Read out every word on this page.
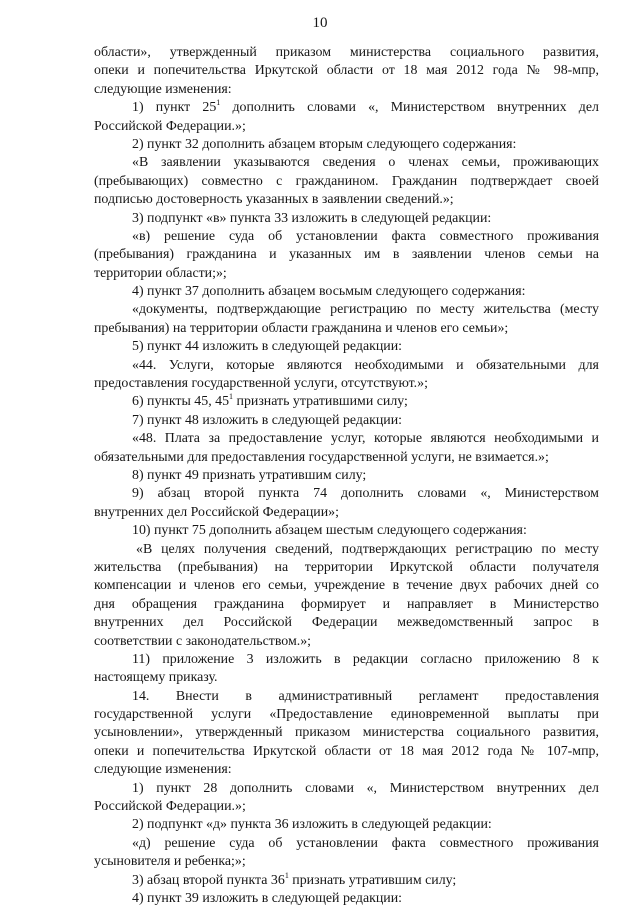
10
области», утвержденный приказом министерства социального развития,
опеки и попечительства Иркутской области от 18 мая 2012 года № 98-мпр,
следующие изменения:
1) пункт $25^1$ дополнить словами «, Министерством внутренних дел
Российской Федерации.»;
2) пункт 32 дополнить абзацем вторым следующего содержания:
«В заявлении указываются сведения о членах семьи, проживающих
(пребывающих) совместно с гражданином. Гражданин подтверждает своей
подписью достоверность указанных в заявлении сведений.»;
3) подпункт «в» пункта 33 изложить в следующей редакции:
«в) решение суда об установлении факта совместного проживания
(пребывания) гражданина и указанных им в заявлении членов семьи на
территории области;»;
4) пункт 37 дополнить абзацем восьмым следующего содержания:
«документы, подтверждающие регистрацию по месту жительства (месту
пребывания) на территории области гражданина и членов его семьи»;
5) пункт 44 изложить в следующей редакции:
«44. Услуги, которые являются необходимыми и обязательными для
предоставления государственной услуги, отсутствуют.»;
6) пункты 45, $45^1$ признать утратившими силу;
7) пункт 48 изложить в следующей редакции:
«48. Плата за предоставление услуг, которые являются необходимыми и
обязательными для предоставления государственной услуги, не взимается.»;
8) пункт 49 признать утратившим силу;
9) абзац второй пункта 74 дополнить словами «, Министерством
внутренних дел Российской Федерации»;
10) пункт 75 дополнить абзацем шестым следующего содержания:
«В целях получения сведений, подтверждающих регистрацию по месту
жительства (пребывания) на территории Иркутской области получателя
компенсации и членов его семьи, учреждение в течение двух рабочих дней со
дня обращения гражданина формирует и направляет в Министерство
внутренних дел Российской Федерации межведомственный запрос в
соответствии с законодательством.»;
11) приложение 3 изложить в редакции согласно приложению 8 к
настоящему приказу.
14. Внести в административный регламент предоставления
государственной услуги «Предоставление единовременной выплаты при
усыновлении», утвержденный приказом министерства социального развития,
опеки и попечительства Иркутской области от 18 мая 2012 года № 107-мпр,
следующие изменения:
1) пункт 28 дополнить словами «, Министерством внутренних дел
Российской Федерации.»;
2) подпункт «д» пункта 36 изложить в следующей редакции:
«д) решение суда об установлении факта совместного проживания
усыновителя и ребенка;»;
3) абзац второй пункта $36^1$ признать утратившим силу;
4) пункт 39 изложить в следующей редакции:
